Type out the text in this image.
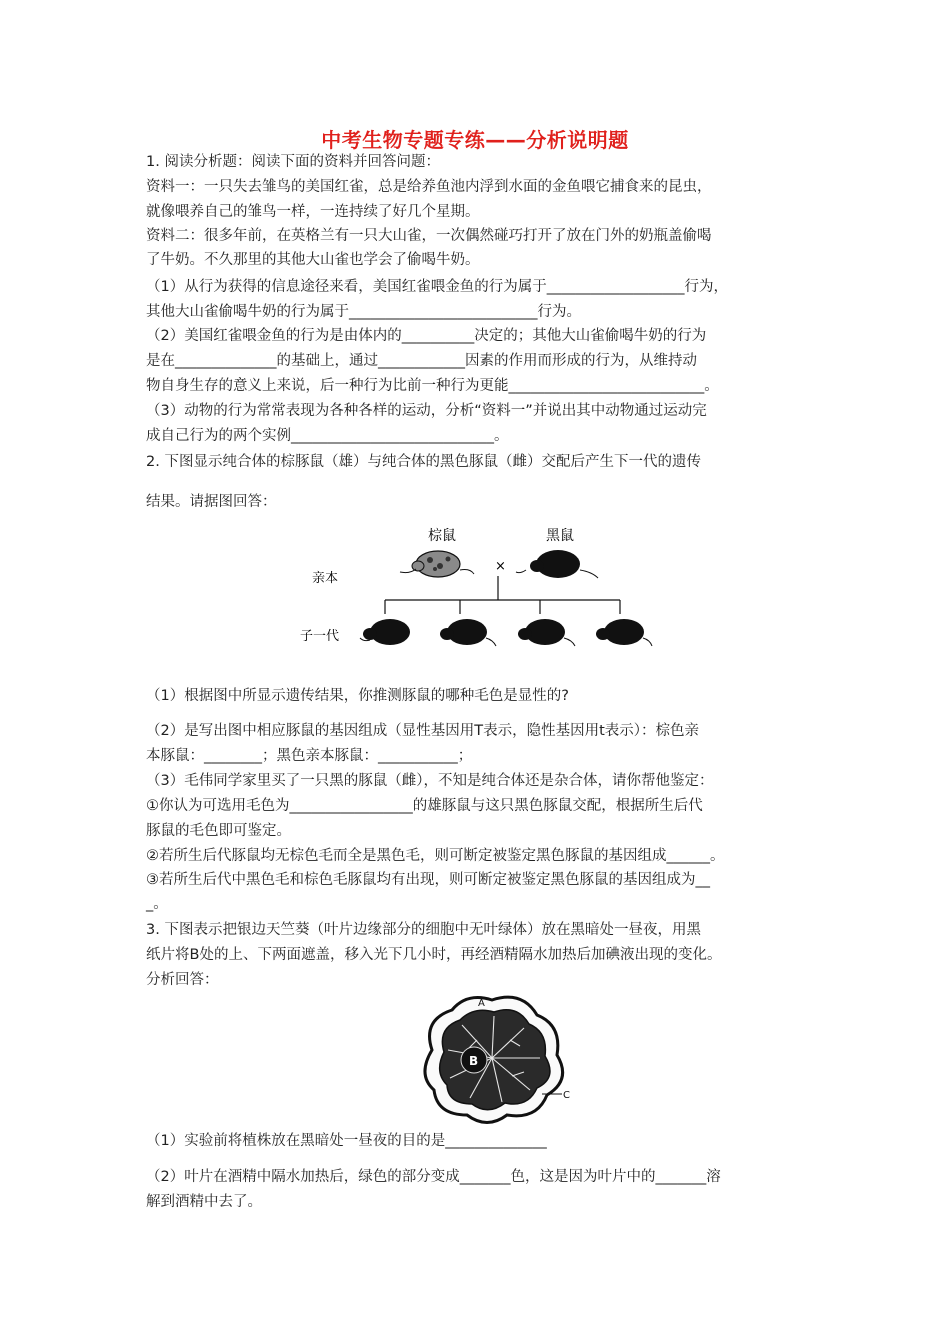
中考生物专题专练——分析说明题
1. 阅读分析题：阅读下面的资料并回答问题：
资料一：一只失去雏鸟的美国红雀，总是给养鱼池内浮到水面的金鱼喂它捕食来的昆虫，
就像喂养自己的雏鸟一样，一连持续了好几个星期。
资料二：很多年前，在英格兰有一只大山雀，一次偶然碰巧打开了放在门外的奶瓶盖偷喝
了牛奶。不久那里的其他大山雀也学会了偷喝牛奶。
（1）从行为获得的信息途径来看，美国红雀喂金鱼的行为属于___________________行为，
其他大山雀偷喝牛奶的行为属于__________________________行为。
（2）美国红雀喂金鱼的行为是由体内的__________决定的；其他大山雀偷喝牛奶的行为
是在______________的基础上，通过____________因素的作用而形成的行为，从维持动
物自身生存的意义上来说，后一种行为比前一种行为更能___________________________。
（3）动物的行为常常表现为各种各样的运动，分析“资料一”并说出其中动物通过运动完
成自己行为的两个实例____________________________。
2. 下图显示纯合体的棕豚鼠（雄）与纯合体的黑色豚鼠（雌）交配后产生下一代的遗传
结果。请据图回答：
棕鼠	黑鼠
亲本
子一代
×
（1）根据图中所显示遗传结果，你推测豚鼠的哪种毛色是显性的?
（2）是写出图中相应豚鼠的基因组成（显性基因用T表示，隐性基因用t表示）：棕色亲
本豚鼠：________；黑色亲本豚鼠：___________；
（3）毛伟同学家里买了一只黑的豚鼠（雌），不知是纯合体还是杂合体，请你帮他鉴定：
①你认为可选用毛色为_________________的雄豚鼠与这只黑色豚鼠交配，根据所生后代
豚鼠的毛色即可鉴定。
②若所生后代豚鼠均无棕色毛而全是黑色毛，则可断定被鉴定黑色豚鼠的基因组成______。
③若所生后代中黑色毛和棕色毛豚鼠均有出现，则可断定被鉴定黑色豚鼠的基因组成为__
_。
3. 下图表示把银边天竺葵（叶片边缘部分的细胞中无叶绿体）放在黑暗处一昼夜，用黑
纸片将B处的上、下两面遮盖，移入光下几小时，再经酒精隔水加热后加碘液出现的变化。
分析回答：
B
A
C
（1）实验前将植株放在黑暗处一昼夜的目的是______________
（2）叶片在酒精中隔水加热后，绿色的部分变成_______色，这是因为叶片中的_______溶
解到酒精中去了。
